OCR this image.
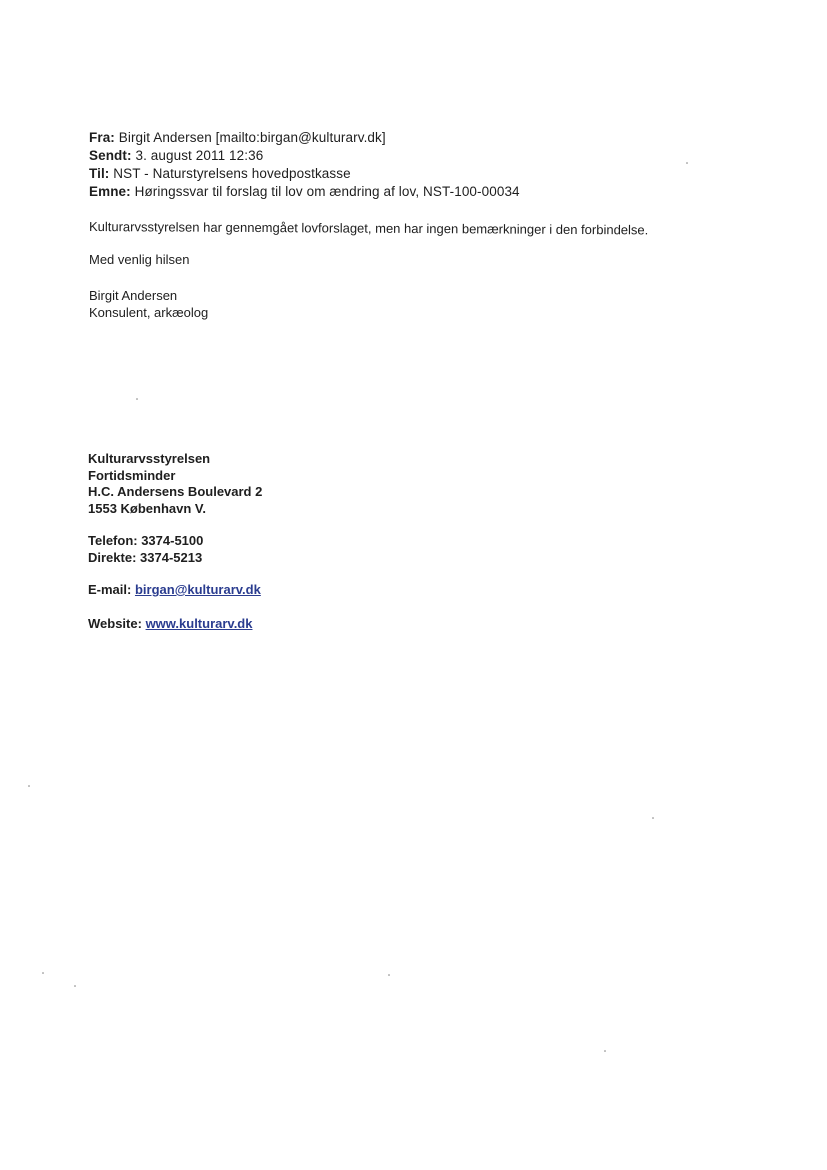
Fra: Birgit Andersen [mailto:birgan@kulturarv.dk]
Sendt: 3. august 2011 12:36
Til: NST - Naturstyrelsens hovedpostkasse
Emne: Høringssvar til forslag til lov om ændring af lov, NST-100-00034
Kulturarvsstyrelsen har gennemgået lovforslaget, men har ingen bemærkninger i den forbindelse.
Med venlig hilsen
Birgit Andersen
Konsulent, arkæolog
Kulturarvsstyrelsen
Fortidsminder
H.C. Andersens Boulevard 2
1553 København V.
Telefon: 3374-5100
Direkte: 3374-5213
E-mail: birgan@kulturarv.dk
Website: www.kulturarv.dk
